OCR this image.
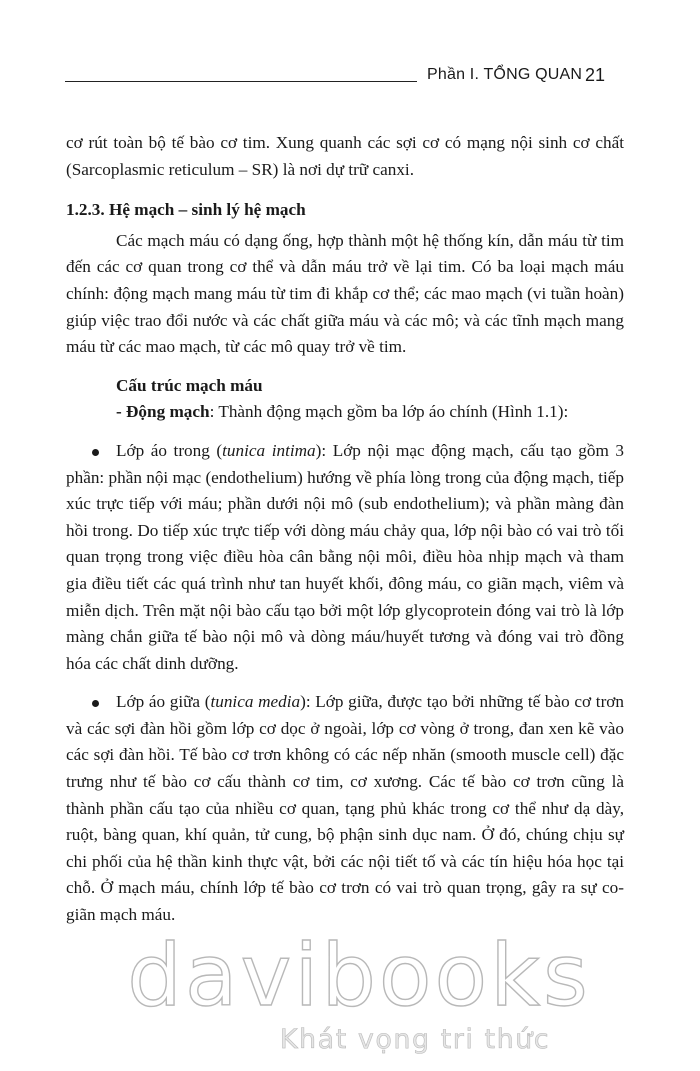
Phần I. TỔNG QUAN 21

cơ rút toàn bộ tế bào cơ tim. Xung quanh các sợi cơ có mạng nội sinh cơ chất (Sarcoplasmic reticulum – SR) là nơi dự trữ canxi.

1.2.3. Hệ mạch – sinh lý hệ mạch

Các mạch máu có dạng ống, hợp thành một hệ thống kín, dẫn máu từ tim đến các cơ quan trong cơ thể và dẫn máu trở về lại tim. Có ba loại mạch máu chính: động mạch mang máu từ tim đi khắp cơ thể; các mao mạch (vi tuần hoàn) giúp việc trao đổi nước và các chất giữa máu và các mô; và các tĩnh mạch mang máu từ các mao mạch, từ các mô quay trở về tim.

Cấu trúc mạch máu

- Động mạch: Thành động mạch gồm ba lớp áo chính (Hình 1.1):

Lớp áo trong (tunica intima): Lớp nội mạc động mạch, cấu tạo gồm 3 phần: phần nội mạc (endothelium) hướng về phía lòng trong của động mạch, tiếp xúc trực tiếp với máu; phần dưới nội mô (sub endothelium); và phần màng đàn hồi trong. Do tiếp xúc trực tiếp với dòng máu chảy qua, lớp nội bào có vai trò tối quan trọng trong việc điều hòa cân bằng nội môi, điều hòa nhịp mạch và tham gia điều tiết các quá trình như tan huyết khối, đông máu, co giãn mạch, viêm và miễn dịch. Trên mặt nội bào cấu tạo bởi một lớp glycoprotein đóng vai trò là lớp màng chắn giữa tế bào nội mô và dòng máu/huyết tương và đóng vai trò đồng hóa các chất dinh dưỡng.

Lớp áo giữa (tunica media): Lớp giữa, được tạo bởi những tế bào cơ trơn và các sợi đàn hồi gồm lớp cơ dọc ở ngoài, lớp cơ vòng ở trong, đan xen kẽ vào các sợi đàn hồi. Tế bào cơ trơn không có các nếp nhăn (smooth muscle cell) đặc trưng như tế bào cơ cấu thành cơ tim, cơ xương. Các tế bào cơ trơn cũng là thành phần cấu tạo của nhiều cơ quan, tạng phủ khác trong cơ thể như dạ dày, ruột, bàng quan, khí quản, tử cung, bộ phận sinh dục nam. Ở đó, chúng chịu sự chi phối của hệ thần kinh thực vật, bởi các nội tiết tố và các tín hiệu hóa học tại chỗ. Ở mạch máu, chính lớp tế bào cơ trơn có vai trò quan trọng, gây ra sự co-giãn mạch máu.

davibooks
Khát vọng tri thức
